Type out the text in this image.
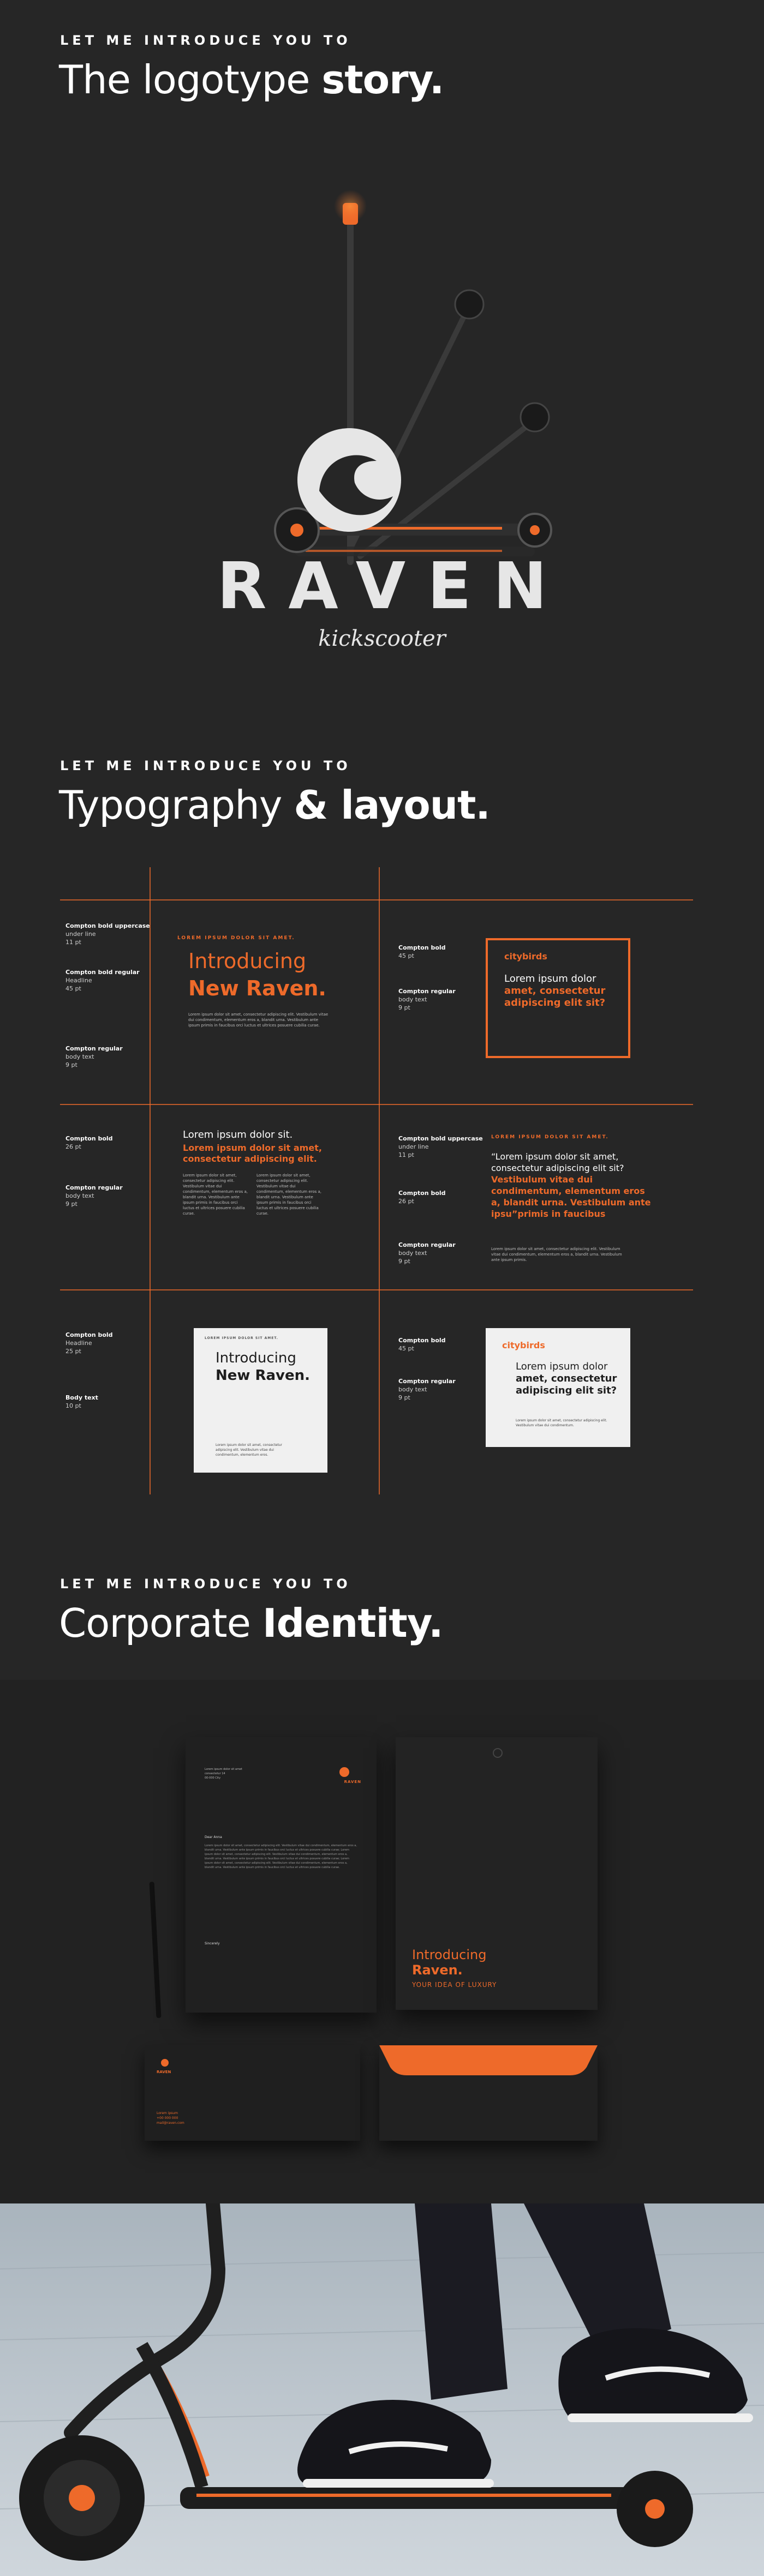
LET ME INTRODUCE YOU TO
The logotype story.
RAVEN
kickscooter
LET ME INTRODUCE YOU TO
Typography & layout.
Compton bold uppercase
under line
11 pt
Compton bold regular
Headline
45 pt
Compton regular
body text
9 pt
LOREM IPSUM DOLOR SIT AMET.
Introducing
New Raven.
Lorem ipsum dolor sit amet, consectetur adipiscing elit. Vestibulum vitae dui condimentum, elementum eros a, blandit urna. Vestibulum ante ipsum primis in faucibus orci luctus et ultrices posuere cubilia curae.
Compton bold
45 pt
Compton regular
body text
9 pt
citybirds
Lorem ipsum dolor amet, consectetur adipiscing elit sit?
Compton bold
26 pt
Compton regular
body text
9 pt
Lorem ipsum dolor sit.
Lorem ipsum dolor sit amet, consectetur adipiscing elit.
Lorem ipsum dolor sit amet, consectetur adipiscing elit. Vestibulum vitae dui condimentum, elementum eros a, blandit urna. Vestibulum ante ipsum primis in faucibus orci luctus et ultrices posuere cubilia curae.
Lorem ipsum dolor sit amet, consectetur adipiscing elit. Vestibulum vitae dui condimentum, elementum eros a, blandit urna. Vestibulum ante ipsum primis in faucibus orci luctus et ultrices posuere cubilia curae.
Compton bold uppercase
under line
11 pt
Compton bold
26 pt
Compton regular
body text
9 pt
LOREM IPSUM DOLOR SIT AMET.
“Lorem ipsum dolor sit amet, consectetur adipiscing elit sit? Vestibulum vitae dui condimentum, elementum eros a, blandit urna. Vestibulum ante ipsu”primis in faucibus
Lorem ipsum dolor sit amet, consectetur adipiscing elit. Vestibulum vitae dui condimentum, elementum eros a, blandit urna. Vestibulum ante ipsum primis.
Compton bold
Headline
25 pt
Body text
10 pt
LOREM IPSUM DOLOR SIT AMET.
Introducing
New Raven.
Lorem ipsum dolor sit amet, consectetur adipiscing elit. Vestibulum vitae dui condimentum, elementum eros.
Compton bold
45 pt
Compton regular
body text
9 pt
citybirds
Lorem ipsum dolor amet, consectetur adipiscing elit sit?
Lorem ipsum dolor sit amet, consectetur adipiscing elit. Vestibulum vitae dui condimentum.
LET ME INTRODUCE YOU TO
Corporate Identity.
RAVEN
Lorem ipsum dolor sit amet
consectetur 14
00-000 City
Dear Anna
Lorem ipsum dolor sit amet, consectetur adipiscing elit. Vestibulum vitae dui condimentum, elementum eros a, blandit urna. Vestibulum ante ipsum primis in faucibus orci luctus et ultrices posuere cubilia curae; Lorem ipsum dolor sit amet, consectetur adipiscing elit. Vestibulum vitae dui condimentum, elementum eros a, blandit urna. Vestibulum ante ipsum primis in faucibus orci luctus et ultrices posuere cubilia curae; Lorem ipsum dolor sit amet, consectetur adipiscing elit. Vestibulum vitae dui condimentum, elementum eros a, blandit urna. Vestibulum ante ipsum primis in faucibus orci luctus et ultrices posuere cubilia curae.
Sincerely
Introducing
Raven.
YOUR IDEA OF LUXURY
RAVEN
Lorem ipsum
+00 000 000
mail@raven.com
